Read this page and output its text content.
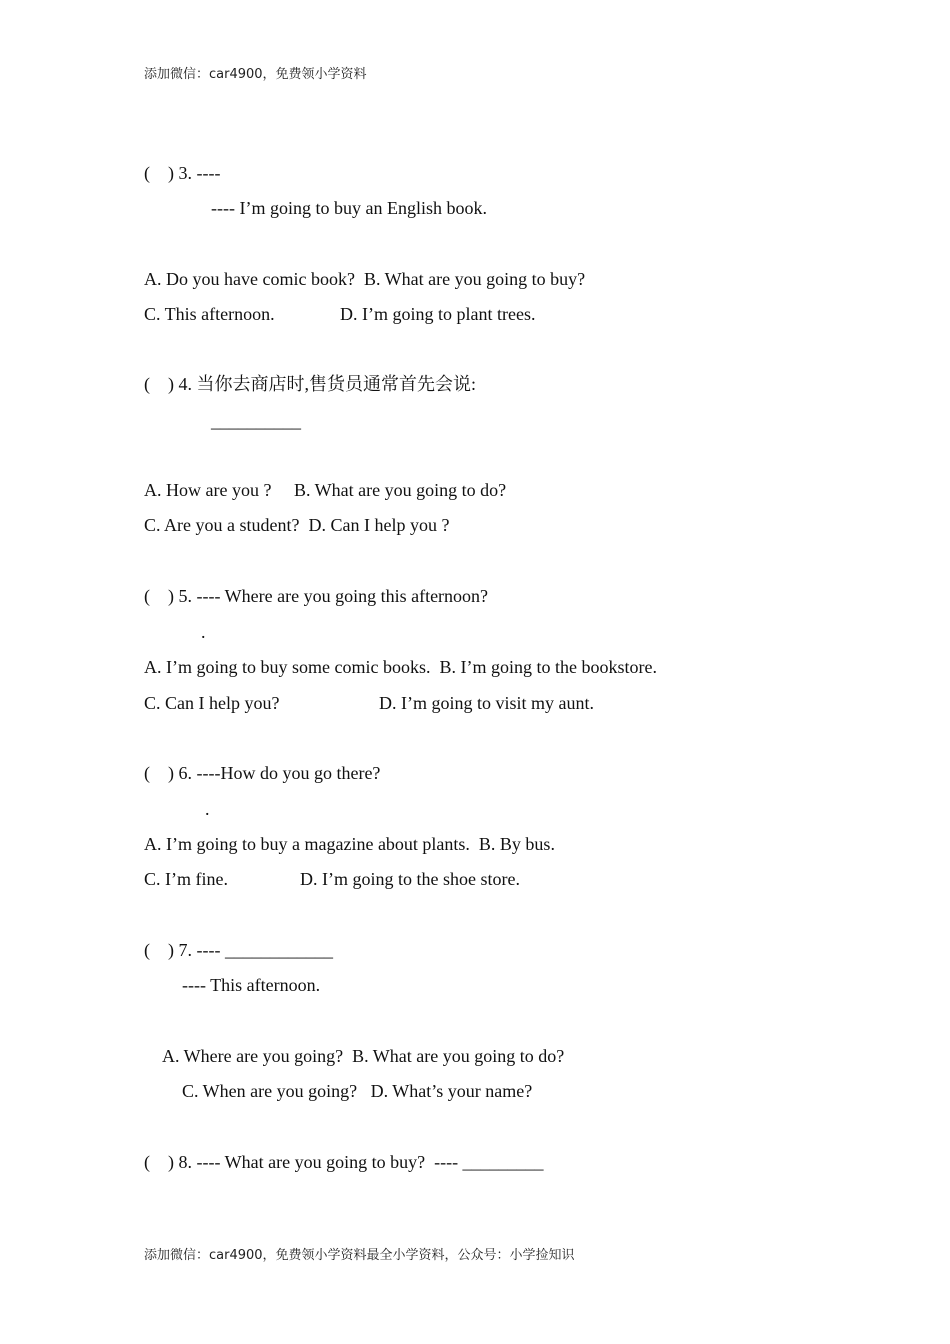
添加微信：car4900，免费领小学资料
(    ) 3. ----
---- I’m going to buy an English book.
A. Do you have comic book?  B. What are you going to buy?
C. This afternoon.	D. I’m going to plant trees.
(    ) 4. 当你去商店时,售货员通常首先会说:
__________
A. How are you ?     B. What are you going to do?
C. Are you a student?  D. Can I help you ?
(    ) 5. ---- Where are you going this afternoon?
.
A. I’m going to buy some comic books.  B. I’m going to the bookstore.
C. Can I help you?	D. I’m going to visit my aunt.
(    ) 6. ----How do you go there?
.
A. I’m going to buy a magazine about plants.  B. By bus.
C. I’m fine.	D. I’m going to the shoe store.
(    ) 7. ---- ____________
---- This afternoon.
A. Where are you going?  B. What are you going to do?
C. When are you going?   D. What’s your name?
(    ) 8. ---- What are you going to buy?  ---- _________
添加微信：car4900，免费领小学资料最全小学资料，公众号：小学捡知识
